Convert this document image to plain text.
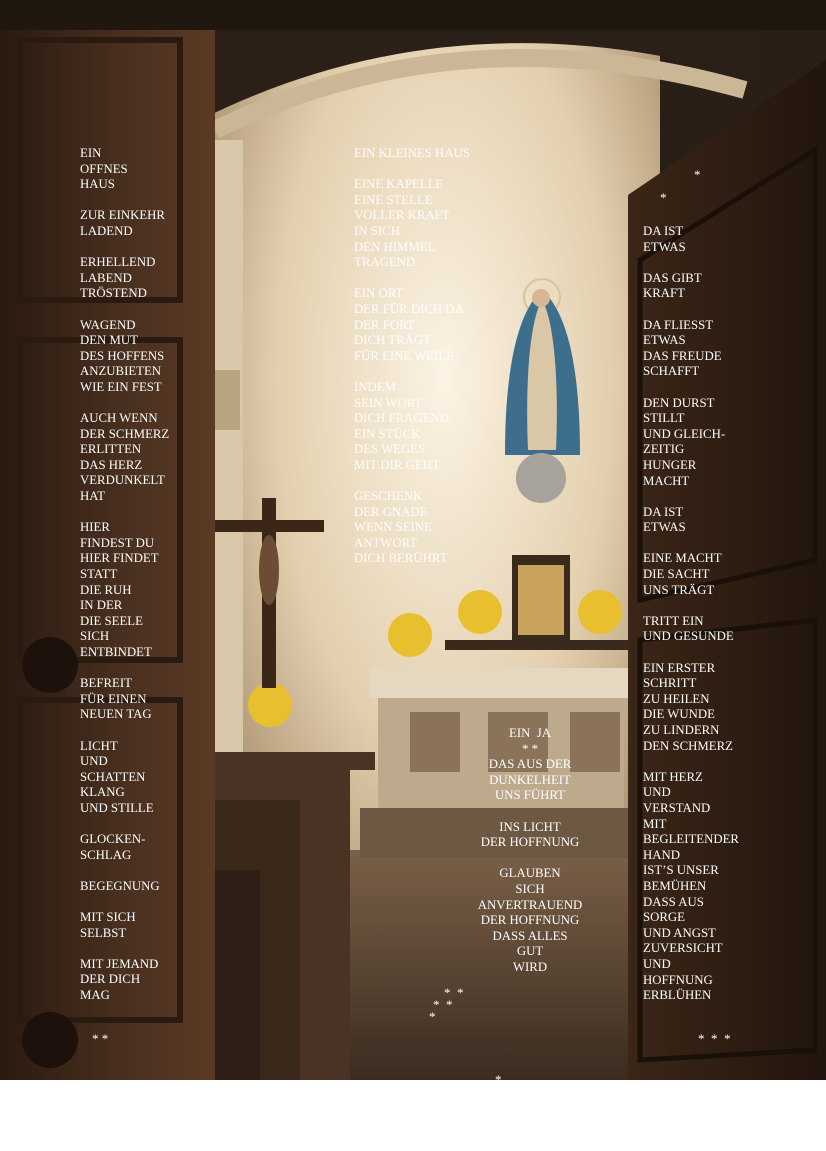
EIN
OFFNES
HAUS
ZUR EINKEHR
LADEND
ERHELLEND
LABEND
TRÖSTEND
WAGEND
DEN MUT
DES HOFFENS
ANZUBIETEN
WIE EIN FEST
AUCH WENN
DER SCHMERZ
ERLITTEN
DAS HERZ
VERDUNKELT
HAT
HIER
FINDEST DU
HIER FINDET
STATT
DIE RUH
IN DER
DIE SEELE
SICH
ENTBINDET
BEFREIT
FÜR EINEN
NEUEN TAG
LICHT
UND
SCHATTEN
KLANG
UND STILLE
GLOCKEN-
SCHLAG
BEGEGNUNG
MIT SICH
SELBST
MIT JEMAND
DER DICH
MAG
EIN KLEINES HAUS
EINE KAPELLE
EINE STELLE
VOLLER KRAFT
IN SICH
DEN HIMMEL
TRAGEND
EIN ORT
DER FÜR DICH DA
DER FORT
DICH TRÄGT
FÜR EINE WEILE
INDEM
SEIN WORT
DICH FRAGEND
EIN STÜCK
DES WEGES
MIT DIR GEHT
GESCHENK
DER GNADE
WENN SEINE
ANTWORT
DICH BERÜHRT
EIN  JA
* *
DAS AUS DER
DUNKELHEIT
UNS FÜHRT
INS LICHT
DER HOFFNUNG
GLAUBEN
SICH
ANVERTRAUEND
DER HOFFNUNG
DASS ALLES
GUT
WIRD
DA IST
ETWAS
DAS GIBT
KRAFT
DA FLIESST
ETWAS
DAS FREUDE
SCHAFFT
DEN DURST
STILLT
UND GLEICH-
ZEITIG
HUNGER
MACHT
DA IST
ETWAS
EINE MACHT
DIE SACHT
UNS TRÄGT
TRITT EIN
UND GESUNDE
EIN ERSTER
SCHRITT
ZU HEILEN
DIE WUNDE
ZU LINDERN
DEN SCHMERZ
MIT HERZ
UND
VERSTAND
MIT
BEGLEITENDER
HAND
IST’S UNSER
BEMÜHEN
DASS AUS
SORGE
UND ANGST
ZUVERSICHT
UND
HOFFNUNG
ERBLÜHEN
*
*
* *
*  *
*  *
*
*  *  *
*
